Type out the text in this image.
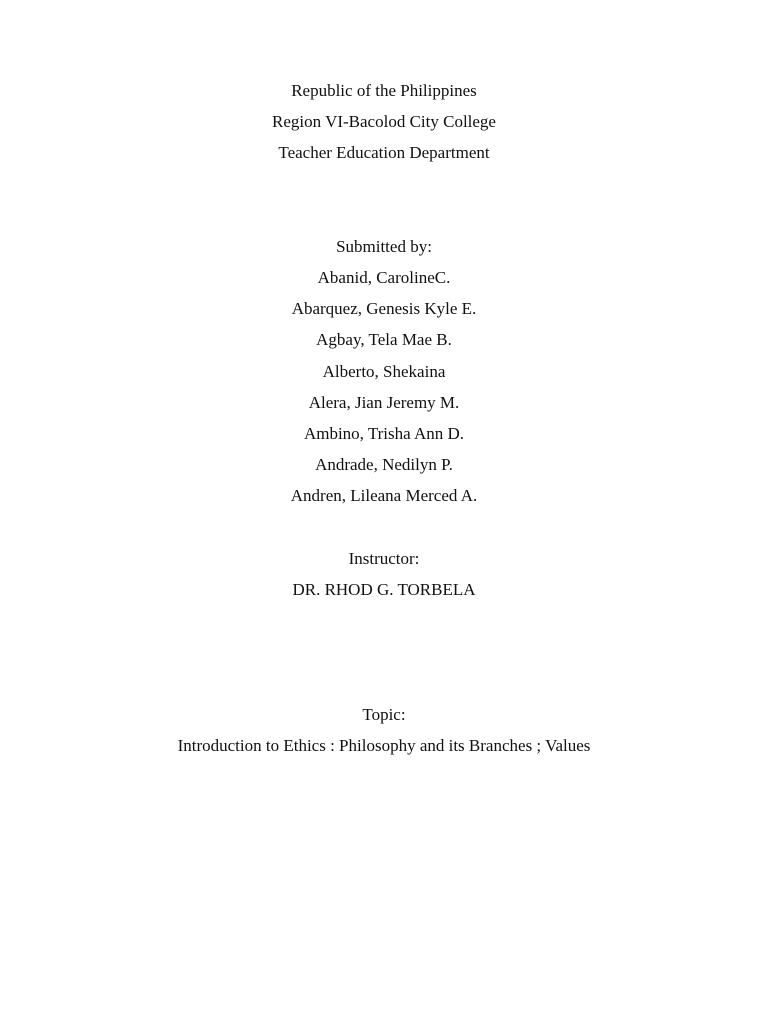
Republic of the Philippines
Region VI-Bacolod City College
Teacher Education Department
Submitted by:
Abanid, CarolineC.
Abarquez, Genesis Kyle E.
Agbay, Tela Mae B.
Alberto, Shekaina
Alera, Jian Jeremy M.
Ambino, Trisha Ann D.
Andrade, Nedilyn P.
Andren, Lileana Merced A.
Instructor:
DR. RHOD G. TORBELA
Topic:
Introduction to Ethics : Philosophy and its Branches ; Values
